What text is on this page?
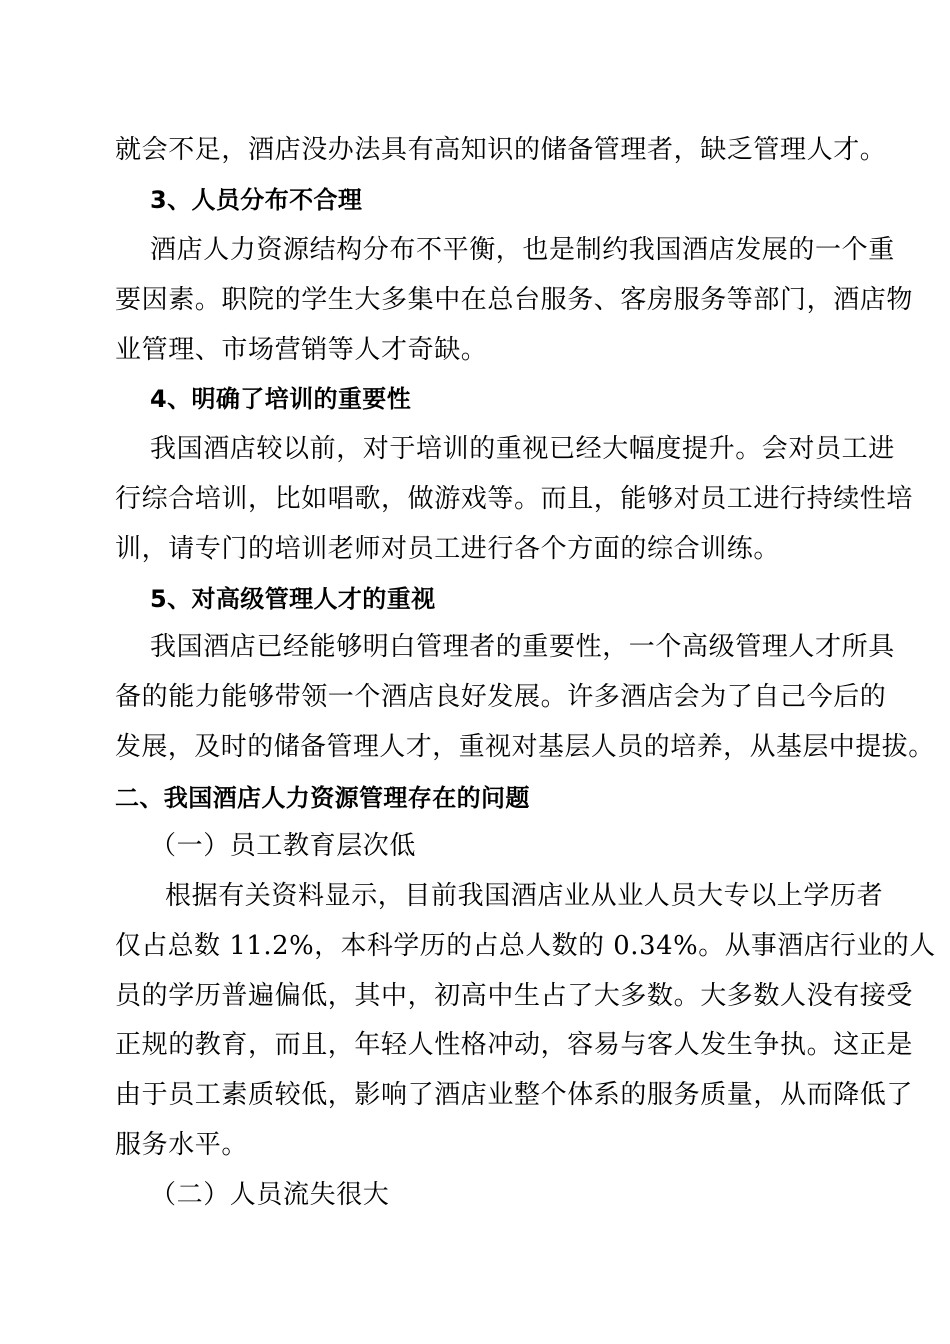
就会不足，酒店没办法具有高知识的储备管理者，缺乏管理人才。
3、人员分布不合理
酒店人力资源结构分布不平衡，也是制约我国酒店发展的一个重
要因素。职院的学生大多集中在总台服务、客房服务等部门，酒店物
业管理、市场营销等人才奇缺。
4、明确了培训的重要性
我国酒店较以前，对于培训的重视已经大幅度提升。会对员工进
行综合培训，比如唱歌，做游戏等。而且，能够对员工进行持续性培
训，请专门的培训老师对员工进行各个方面的综合训练。
5、对高级管理人才的重视
我国酒店已经能够明白管理者的重要性，一个高级管理人才所具
备的能力能够带领一个酒店良好发展。许多酒店会为了自己今后的
发展，及时的储备管理人才，重视对基层人员的培养，从基层中提拔。
二、我国酒店人力资源管理存在的问题
（一）员工教育层次低
根据有关资料显示，目前我国酒店业从业人员大专以上学历者
仅占总数 11.2%，本科学历的占总人数的 0.34%。从事酒店行业的人
员的学历普遍偏低，其中，初高中生占了大多数。大多数人没有接受
正规的教育，而且，年轻人性格冲动，容易与客人发生争执。这正是
由于员工素质较低，影响了酒店业整个体系的服务质量，从而降低了
服务水平。
（二）人员流失很大
